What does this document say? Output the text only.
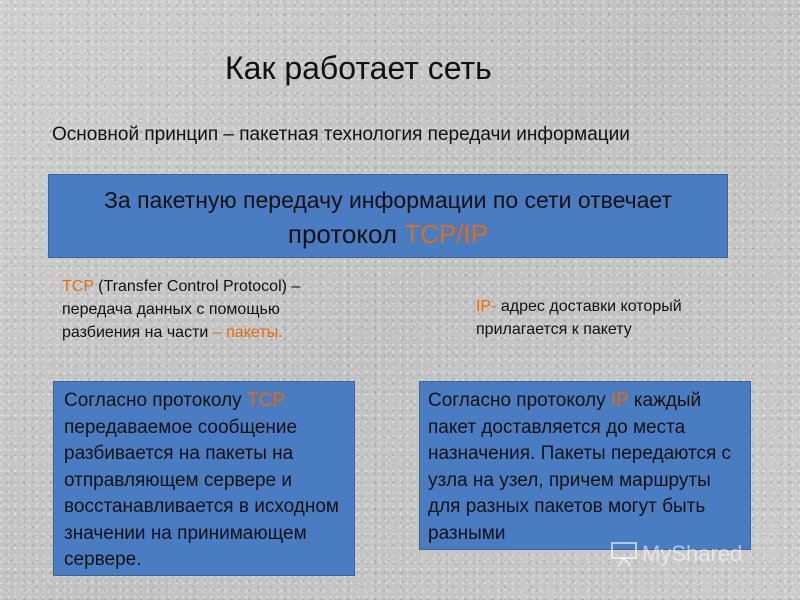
Как работает сеть
Основной принцип – пакетная технология передачи информации
За пакетную передачу информации по сети отвечает
протокол TCP/IP
TCP (Transfer Control Protocol) – передача данных с помощью разбиения на части – пакеты.
IP- адрес доставки который прилагается к пакету
Согласно протоколу TCP передаваемое сообщение разбивается на пакеты на отправляющем сервере и восстанавливается в исходном значении на принимающем сервере.
Согласно протоколу IP каждый пакет доставляется до места назначения. Пакеты передаются с узла на узел, причем маршруты для разных пакетов могут быть разными
MyShared
